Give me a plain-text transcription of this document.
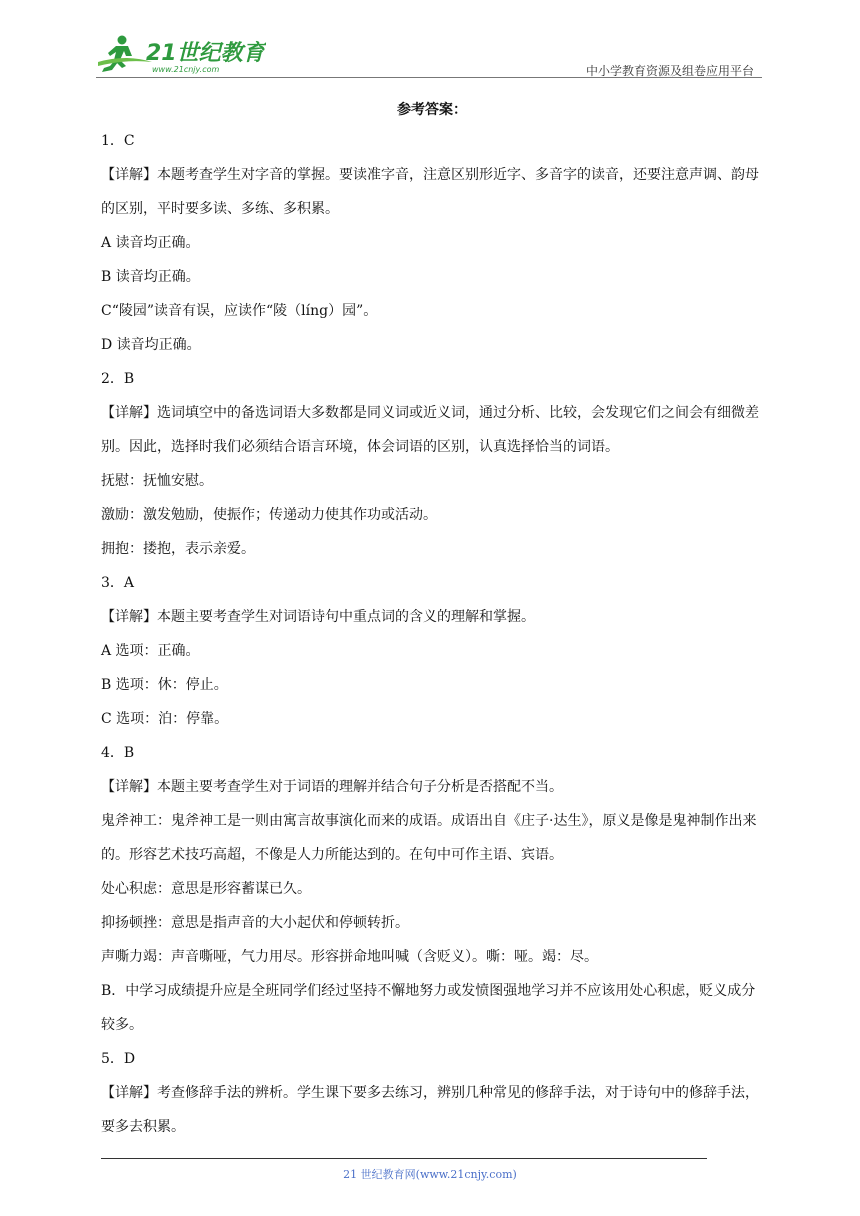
21世纪教育
www.21cnjy.com	中小学教育资源及组卷应用平台
参考答案：

1．C

【详解】本题考查学生对字音的掌握。要读准字音，注意区别形近字、多音字的读音，还要注意声调、韵母的区别，平时要多读、多练、多积累。

A 读音均正确。

B 读音均正确。

C“陵园”读音有误，应读作“陵（líng）园”。

D 读音均正确。

2．B

【详解】选词填空中的备选词语大多数都是同义词或近义词，通过分析、比较，会发现它们之间会有细微差别。因此，选择时我们必须结合语言环境，体会词语的区别，认真选择恰当的词语。

抚慰：抚恤安慰。

激励：激发勉励，使振作；传递动力使其作功或活动。

拥抱：搂抱，表示亲爱。

3．A

【详解】本题主要考查学生对词语诗句中重点词的含义的理解和掌握。

A 选项：正确。

B 选项：休：停止。

C 选项：泊：停靠。

4．B

【详解】本题主要考查学生对于词语的理解并结合句子分析是否搭配不当。

鬼斧神工：鬼斧神工是一则由寓言故事演化而来的成语。成语出自《庄子·达生》，原义是像是鬼神制作出来的。形容艺术技巧高超，不像是人力所能达到的。在句中可作主语、宾语。

处心积虑：意思是形容蓄谋已久。

抑扬顿挫：意思是指声音的大小起伏和停顿转折。

声嘶力竭：声音嘶哑，气力用尽。形容拼命地叫喊（含贬义）。嘶：哑。竭：尽。

B．中学习成绩提升应是全班同学们经过坚持不懈地努力或发愤图强地学习并不应该用处心积虑，贬义成分较多。

5．D

【详解】考查修辞手法的辨析。学生课下要多去练习，辨别几种常见的修辞手法，对于诗句中的修辞手法，要多去积累。

21 世纪教育网(www.21cnjy.com)
